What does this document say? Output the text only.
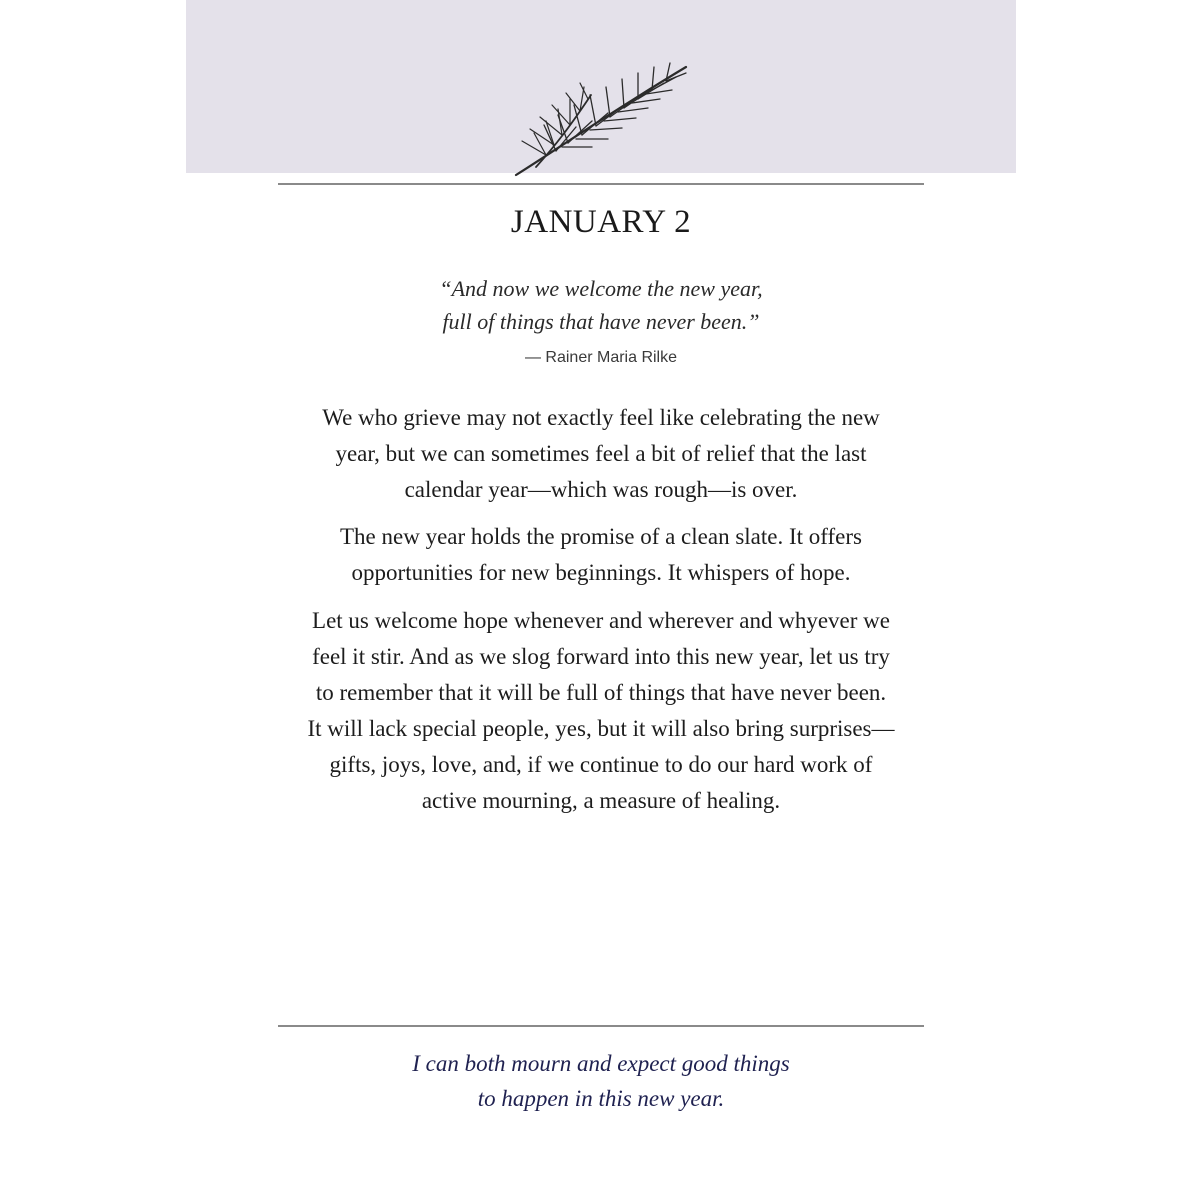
JANUARY 2
“And now we welcome the new year,
full of things that have never been.”
— Rainer Maria Rilke
We who grieve may not exactly feel like celebrating the new
year, but we can sometimes feel a bit of relief that the last
calendar year—which was rough—is over.
The new year holds the promise of a clean slate. It offers
opportunities for new beginnings. It whispers of hope.
Let us welcome hope whenever and wherever and whyever we
feel it stir. And as we slog forward into this new year, let us try
to remember that it will be full of things that have never been.
It will lack special people, yes, but it will also bring surprises—
gifts, joys, love, and, if we continue to do our hard work of
active mourning, a measure of healing.
I can both mourn and expect good things
to happen in this new year.
